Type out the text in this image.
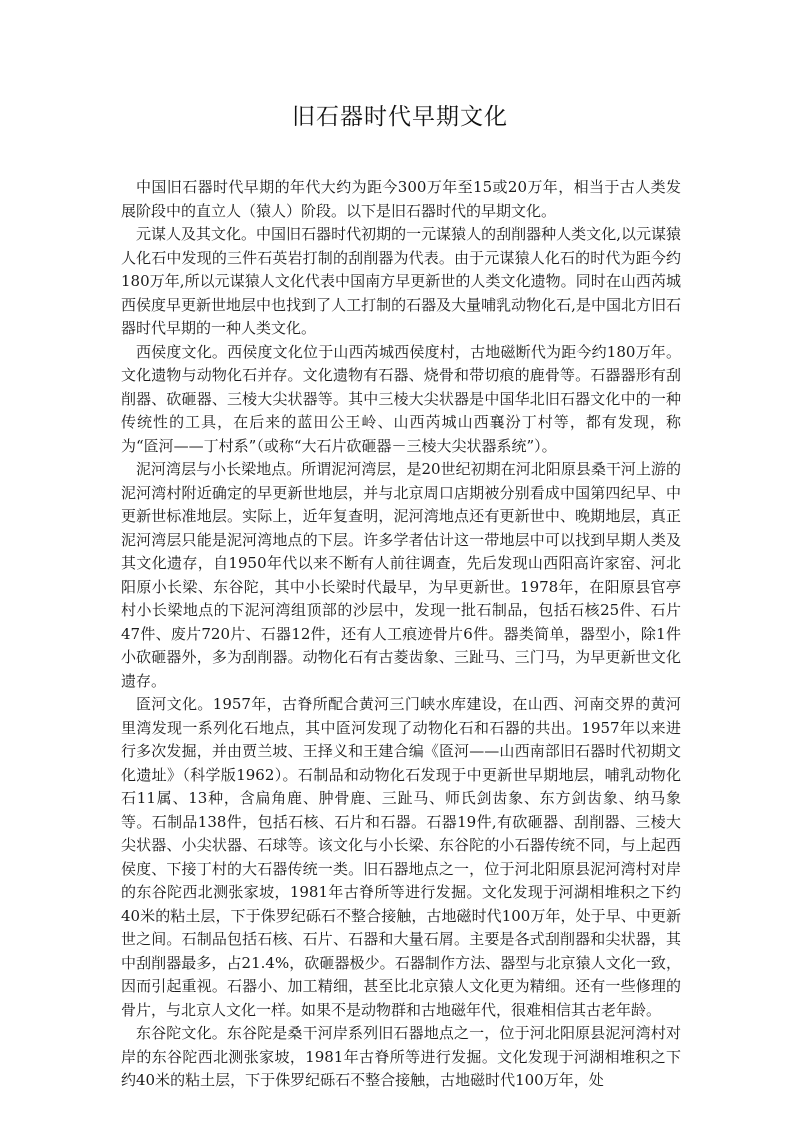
旧石器时代早期文化

中国旧石器时代早期的年代大约为距今300万年至15或20万年，相当于古人类发展阶段中的直立人（猿人）阶段。以下是旧石器时代的早期文化。

元谋人及其文化。中国旧石器时代初期的一元谋猿人的刮削器种人类文化,以元谋猿人化石中发现的三件石英岩打制的刮削器为代表。由于元谋猿人化石的时代为距今约180万年,所以元谋猿人文化代表中国南方早更新世的人类文化遗物。同时在山西芮城西侯度早更新世地层中也找到了人工打制的石器及大量哺乳动物化石,是中国北方旧石器时代早期的一种人类文化。

西侯度文化。西侯度文化位于山西芮城西侯度村，古地磁断代为距今约180万年。文化遗物与动物化石并存。文化遗物有石器、烧骨和带切痕的鹿骨等。石器器形有刮削器、砍砸器、三棱大尖状器等。其中三棱大尖状器是中国华北旧石器文化中的一种传统性的工具，在后来的蓝田公王岭、山西芮城山西襄汾丁村等，都有发现，称为“匼河——丁村系”（或称“大石片砍砸器－三棱大尖状器系统”）。

泥河湾层与小长梁地点。所谓泥河湾层，是20世纪初期在河北阳原县桑干河上游的泥河湾村附近确定的早更新世地层，并与北京周口店期被分别看成中国第四纪早、中更新世标准地层。实际上，近年复查明，泥河湾地点还有更新世中、晚期地层，真正泥河湾层只能是泥河湾地点的下层。许多学者估计这一带地层中可以找到早期人类及其文化遗存，自1950年代以来不断有人前往调查，先后发现山西阳高许家窑、河北阳原小长梁、东谷陀，其中小长梁时代最早，为早更新世。1978年，在阳原县官亭村小长梁地点的下泥河湾组顶部的沙层中，发现一批石制品，包括石核25件、石片47件、废片720片、石器12件，还有人工痕迹骨片6件。器类简单，器型小，除1件小砍砸器外，多为刮削器。动物化石有古菱齿象、三趾马、三门马，为早更新世文化遗存。

匼河文化。1957年，古脊所配合黄河三门峡水库建设，在山西、河南交界的黄河里湾发现一系列化石地点，其中匼河发现了动物化石和石器的共出。1957年以来进行多次发掘，并由贾兰坡、王择义和王建合编《匼河——山西南部旧石器时代初期文化遗址》（科学版1962）。石制品和动物化石发现于中更新世早期地层，哺乳动物化石11属、13种，含扁角鹿、肿骨鹿、三趾马、师氏剑齿象、东方剑齿象、纳马象等。石制品138件，包括石核、石片和石器。石器19件,有砍砸器、刮削器、三棱大尖状器、小尖状器、石球等。该文化与小长梁、东谷陀的小石器传统不同，与上起西侯度、下接丁村的大石器传统一类。旧石器地点之一，位于河北阳原县泥河湾村对岸的东谷陀西北测张家坡，1981年古脊所等进行发掘。文化发现于河湖相堆积之下约40米的粘土层，下于侏罗纪砾石不整合接触，古地磁时代100万年，处于早、中更新世之间。石制品包括石核、石片、石器和大量石屑。主要是各式刮削器和尖状器，其中刮削器最多，占21.4%，砍砸器极少。石器制作方法、器型与北京猿人文化一致，因而引起重视。石器小、加工精细，甚至比北京猿人文化更为精细。还有一些修理的骨片，与北京人文化一样。如果不是动物群和古地磁年代，很难相信其古老年龄。

东谷陀文化。东谷陀是桑干河岸系列旧石器地点之一，位于河北阳原县泥河湾村对岸的东谷陀西北测张家坡，1981年古脊所等进行发掘。文化发现于河湖相堆积之下约40米的粘土层，下于侏罗纪砾石不整合接触，古地磁时代100万年，处
